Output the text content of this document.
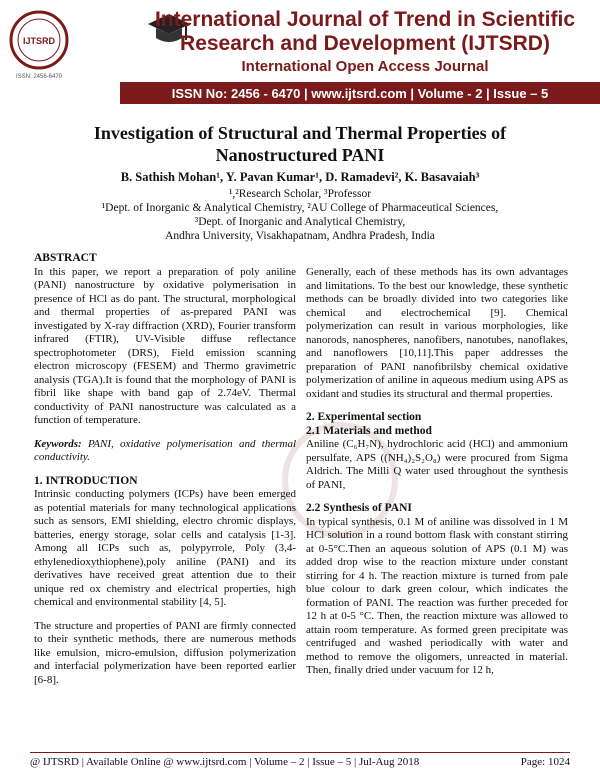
IJTSRD
ISSN: 2456-6470
International Journal of Trend in Scientific Research and Development (IJTSRD)
International Open Access Journal
ISSN No: 2456 - 6470 | www.ijtsrd.com | Volume - 2 | Issue – 5
Investigation of Structural and Thermal Properties of Nanostructured PANI
B. Sathish Mohan¹, Y. Pavan Kumar¹, D. Ramadevi², K. Basavaiah³
¹,²Research Scholar, ³Professor
¹Dept. of Inorganic & Analytical Chemistry, ²AU College of Pharmaceutical Sciences,
³Dept. of Inorganic and Analytical Chemistry,
Andhra University, Visakhapatnam, Andhra Pradesh, India

ABSTRACT

In this paper, we report a preparation of poly aniline (PANI) nanostructure by oxidative polymerisation in presence of HCl as do pant. The structural, morphological and thermal properties of as-prepared PANI was investigated by X-ray diffraction (XRD), Fourier transform infrared (FTIR), UV-Visible diffuse reflectance spectrophotometer (DRS), Field emission scanning electron microscopy (FESEM) and Thermo gravimetric analysis (TGA).It is found that the morphology of PANI is fibril like shape with band gap of 2.74eV. Thermal conductivity of PANI nanostructure was calculated as a function of temperature.

Keywords: PANI, oxidative polymerisation and thermal conductivity.

1. INTRODUCTION

Intrinsic conducting polymers (ICPs) have been emerged as potential materials for many technological applications such as sensors, EMI shielding, electro chromic displays, batteries, energy storage, solar cells and catalysis [1-3]. Among all ICPs such as, polypyrrole, Poly (3,4-ethylenedioxythiophene),poly aniline (PANI) and its derivatives have received great attention due to their unique red ox chemistry and electrical properties, high chemical and environmental stability [4, 5].

The structure and properties of PANI are firmly connected to their synthetic methods, there are numerous methods like emulsion, micro-emulsion, diffusion polymerization and interfacial polymerization have been reported earlier [6-8].

Generally, each of these methods has its own advantages and limitations. To the best our knowledge, these synthetic methods can be broadly divided into two categories like chemical and electrochemical [9]. Chemical polymerization can result in various morphologies, like nanorods, nanospheres, nanofibers, nanotubes, nanoflakes, and nanoflowers [10,11].This paper addresses the preparation of PANI nanofibrilsby chemical oxidative polymerization of aniline in aqueous medium using APS as oxidant and studies its structural and thermal properties.

2. Experimental section

2.1 Materials and method

Aniline (C₆H₇N), hydrochloric acid (HCl) and ammonium persulfate, APS ((NH₄)₂S₂O₈) were procured from Sigma Aldrich. The Milli Q water used throughout the synthesis of PANI,

2.2 Synthesis of PANI

In typical synthesis, 0.1 M of aniline was dissolved in 1 M HCl solution in a round bottom flask with constant stirring at 0-5°C.Then an aqueous solution of APS (0.1 M) was added drop wise to the reaction mixture under constant stirring for 4 h. The reaction mixture is turned from pale blue colour to dark green colour, which indicates the formation of PANI. The reaction was further preceded for 12 h at 0-5 °C. Then, the reaction mixture was allowed to attain room temperature. As formed green precipitate was centrifuged and washed periodically with water and method to remove the oligomers, unreacted in material. Then, finally dried under vacuum for 12 h,

@ IJTSRD | Available Online @ www.ijtsrd.com | Volume – 2 | Issue – 5 | Jul-Aug 2018	Page: 1024
